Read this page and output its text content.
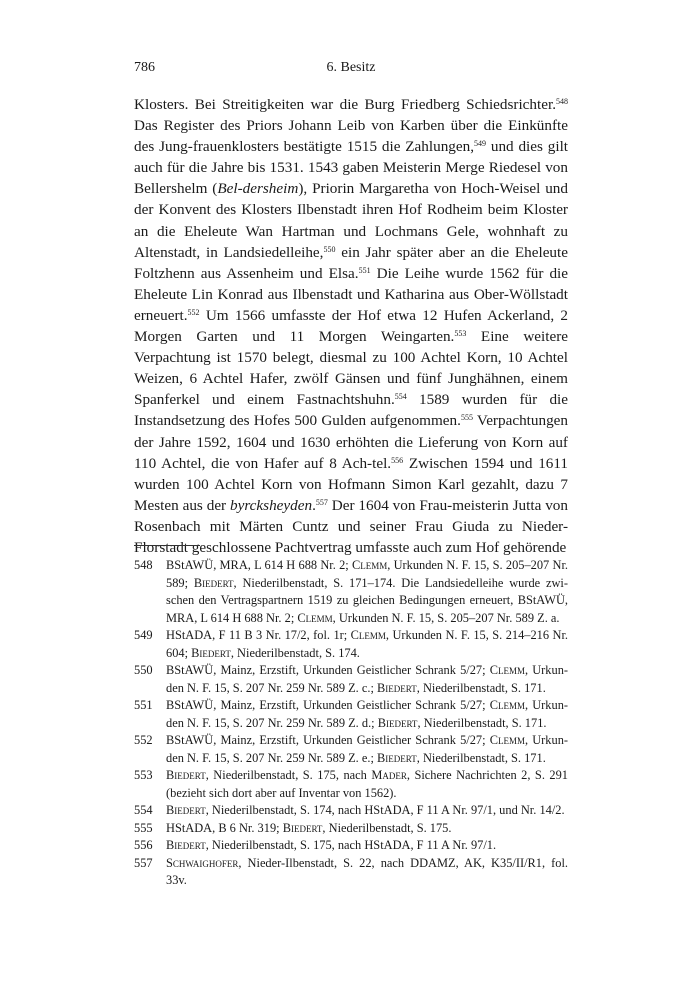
786	6. Besitz

Klosters. Bei Streitigkeiten war die Burg Friedberg Schiedsrichter.$^{548}$ Das Register des Priors Johann Leib von Karben über die Einkünfte des Jung-frauenklosters bestätigte 1515 die Zahlungen,$^{549}$ und dies gilt auch für die Jahre bis 1531. 1543 gaben Meisterin Merge Riedesel von Bellershelm (Bel-dersheim), Priorin Margaretha von Hoch-Weisel und der Konvent des Klosters Ilbenstadt ihren Hof Rodheim beim Kloster an die Eheleute Wan Hartman und Lochmans Gele, wohnhaft zu Altenstadt, in Landsiedelleihe,$^{550}$ ein Jahr später aber an die Eheleute Foltzhenn aus Assenheim und Elsa.$^{551}$ Die Leihe wurde 1562 für die Eheleute Lin Konrad aus Ilbenstadt und Katharina aus Ober-Wöllstadt erneuert.$^{552}$ Um 1566 umfasste der Hof etwa 12 Hufen Ackerland, 2 Morgen Garten und 11 Morgen Weingarten.$^{553}$ Eine weitere Verpachtung ist 1570 belegt, diesmal zu 100 Achtel Korn, 10 Achtel Weizen, 6 Achtel Hafer, zwölf Gänsen und fünf Junghähnen, einem Spanferkel und einem Fastnachtshuhn.$^{554}$ 1589 wurden für die Instandsetzung des Hofes 500 Gulden aufgenommen.$^{555}$ Verpachtungen der Jahre 1592, 1604 und 1630 erhöhten die Lieferung von Korn auf 110 Achtel, die von Hafer auf 8 Ach-tel.$^{556}$ Zwischen 1594 und 1611 wurden 100 Achtel Korn von Hofmann Simon Karl gezahlt, dazu 7 Mesten aus der byrcksheyden.$^{557}$ Der 1604 von Frau-meisterin Jutta von Rosenbach mit Märten Cuntz und seiner Frau Giuda zu Nieder-Florstadt geschlossene Pachtvertrag umfasste auch zum Hof gehörende

548 BStAWÜ, MRA, L 614 H 688 Nr. 2; Clemm, Urkunden N. F. 15, S. 205–207 Nr. 589; Biedert, Niederilbenstadt, S. 171–174. Die Landsiedelleihe wurde zwi-schen den Vertragspartnern 1519 zu gleichen Bedingungen erneuert, BStAWÜ, MRA, L 614 H 688 Nr. 2; Clemm, Urkunden N. F. 15, S. 205–207 Nr. 589 Z. a.
549 HStADA, F 11 B 3 Nr. 17/2, fol. 1r; Clemm, Urkunden N. F. 15, S. 214–216 Nr. 604; Biedert, Niederilbenstadt, S. 174.
550 BStAWÜ, Mainz, Erzstift, Urkunden Geistlicher Schrank 5/27; Clemm, Urkun-den N. F. 15, S. 207 Nr. 259 Nr. 589 Z. c.; Biedert, Niederilbenstadt, S. 171.
551 BStAWÜ, Mainz, Erzstift, Urkunden Geistlicher Schrank 5/27; Clemm, Urkun-den N. F. 15, S. 207 Nr. 259 Nr. 589 Z. d.; Biedert, Niederilbenstadt, S. 171.
552 BStAWÜ, Mainz, Erzstift, Urkunden Geistlicher Schrank 5/27; Clemm, Urkun-den N. F. 15, S. 207 Nr. 259 Nr. 589 Z. e.; Biedert, Niederilbenstadt, S. 171.
553 Biedert, Niederilbenstadt, S. 175, nach Mader, Sichere Nachrichten 2, S. 291 (bezieht sich dort aber auf Inventar von 1562).
554 Biedert, Niederilbenstadt, S. 174, nach HStADA, F 11 A Nr. 97/1, und Nr. 14/2.
555 HStADA, B 6 Nr. 319; Biedert, Niederilbenstadt, S. 175.
556 Biedert, Niederilbenstadt, S. 175, nach HStADA, F 11 A Nr. 97/1.
557 Schwaighofer, Nieder-Ilbenstadt, S. 22, nach DDAMZ, AK, K35/II/R1, fol. 33v.
